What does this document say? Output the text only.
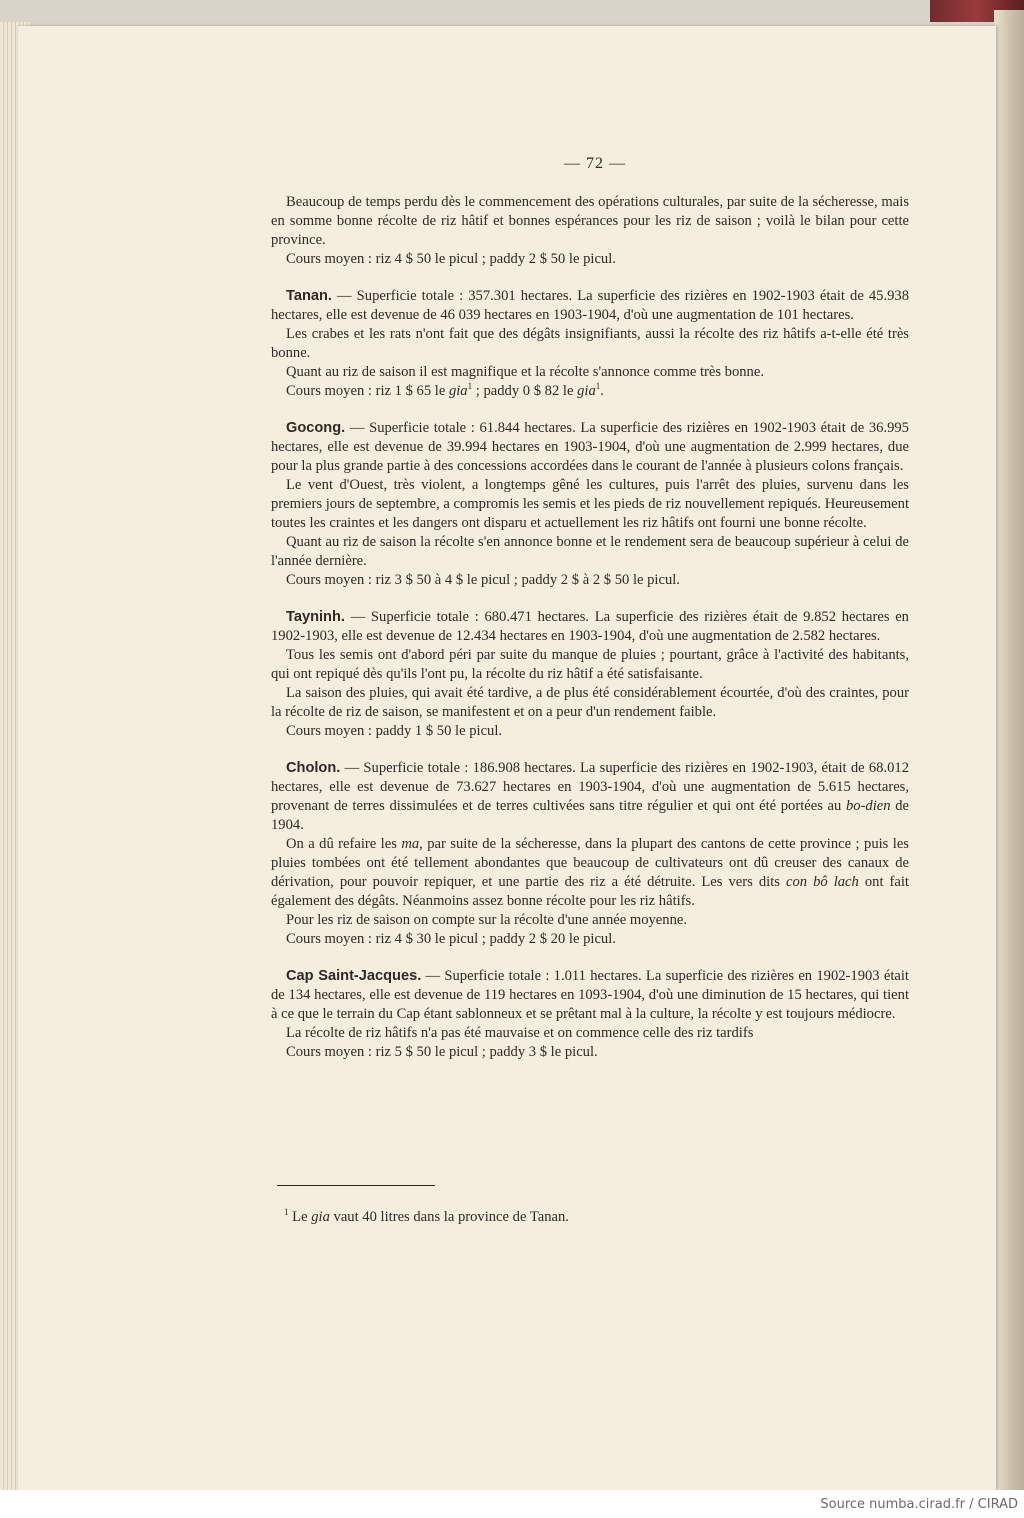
— 72 —

Beaucoup de temps perdu dès le commencement des opérations culturales, par suite de la sécheresse, mais en somme bonne récolte de riz hâtif et bonnes espérances pour les riz de saison ; voilà le bilan pour cette province.

Cours moyen : riz 4 $ 50 le picul ; paddy 2 $ 50 le picul.

Tanan. — Superficie totale : 357.301 hectares. La superficie des rizières en 1902-1903 était de 45.938 hectares, elle est devenue de 46 039 hectares en 1903-1904, d'où une augmentation de 101 hectares.

Les crabes et les rats n'ont fait que des dégâts insignifiants, aussi la récolte des riz hâtifs a-t-elle été très bonne.

Quant au riz de saison il est magnifique et la récolte s'annonce comme très bonne.

Cours moyen : riz 1 $ 65 le gia$^1$ ; paddy 0 $ 82 le gia$^1$.

Gocong. — Superficie totale : 61.844 hectares. La superficie des rizières en 1902-1903 était de 36.995 hectares, elle est devenue de 39.994 hectares en 1903-1904, d'où une augmentation de 2.999 hectares, due pour la plus grande partie à des concessions accordées dans le courant de l'année à plusieurs colons français.

Le vent d'Ouest, très violent, a longtemps gêné les cultures, puis l'arrêt des pluies, survenu dans les premiers jours de septembre, a compromis les semis et les pieds de riz nouvellement repiqués. Heureusement toutes les craintes et les dangers ont disparu et actuellement les riz hâtifs ont fourni une bonne récolte.

Quant au riz de saison la récolte s'en annonce bonne et le rendement sera de beaucoup supérieur à celui de l'année dernière.

Cours moyen : riz 3 $ 50 à 4 $ le picul ; paddy 2 $ à 2 $ 50 le picul.

Tayninh. — Superficie totale : 680.471 hectares. La superficie des rizières était de 9.852 hectares en 1902-1903, elle est devenue de 12.434 hectares en 1903-1904, d'où une augmentation de 2.582 hectares.

Tous les semis ont d'abord péri par suite du manque de pluies ; pourtant, grâce à l'activité des habitants, qui ont repiqué dès qu'ils l'ont pu, la récolte du riz hâtif a été satisfaisante.

La saison des pluies, qui avait été tardive, a de plus été considérablement écourtée, d'où des craintes, pour la récolte de riz de saison, se manifestent et on a peur d'un rendement faible.

Cours moyen : paddy 1 $ 50 le picul.

Cholon. — Superficie totale : 186.908 hectares. La superficie des rizières en 1902-1903, était de 68.012 hectares, elle est devenue de 73.627 hectares en 1903-1904, d'où une augmentation de 5.615 hectares, provenant de terres dissimulées et de terres cultivées sans titre régulier et qui ont été portées au bo-dien de 1904.

On a dû refaire les ma, par suite de la sécheresse, dans la plupart des cantons de cette province ; puis les pluies tombées ont été tellement abondantes que beaucoup de cultivateurs ont dû creuser des canaux de dérivation, pour pouvoir repiquer, et une partie des riz a été détruite. Les vers dits con bô lach ont fait également des dégâts. Néanmoins assez bonne récolte pour les riz hâtifs.

Pour les riz de saison on compte sur la récolte d'une année moyenne.

Cours moyen : riz 4 $ 30 le picul ; paddy 2 $ 20 le picul.

Cap Saint-Jacques. — Superficie totale : 1.011 hectares. La superficie des rizières en 1902-1903 était de 134 hectares, elle est devenue de 119 hectares en 1093-1904, d'où une diminution de 15 hectares, qui tient à ce que le terrain du Cap étant sablonneux et se prêtant mal à la culture, la récolte y est toujours médiocre.

La récolte de riz hâtifs n'a pas été mauvaise et on commence celle des riz tardifs

Cours moyen : riz 5 $ 50 le picul ; paddy 3 $ le picul.

$^1$ Le gia vaut 40 litres dans la province de Tanan.
Source numba.cirad.fr / CIRAD
